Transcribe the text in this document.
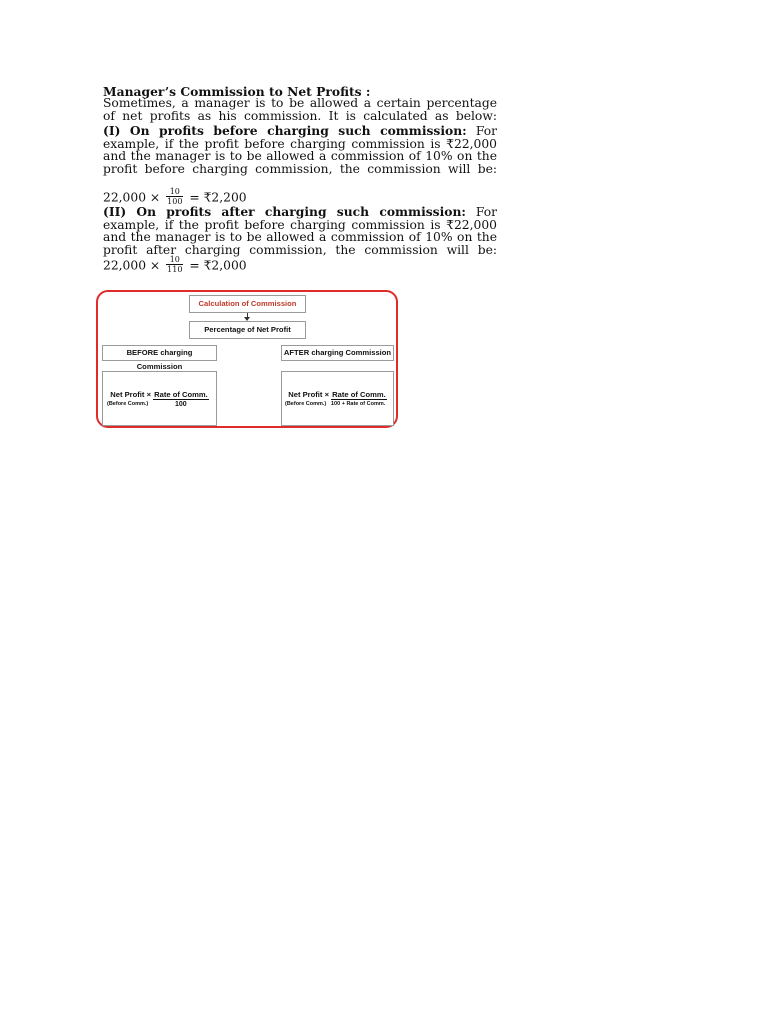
Manager’s Commission to Net Profits :
Sometimes, a manager is to be allowed a certain percentage of net profits as his commission. It is calculated as below:
(I) On profits before charging such commission: For example, if the profit before charging commission is ₹22,000 and the manager is to be allowed a commission of 10% on the profit before charging commission, the commission will be:
$22,000 \times \frac{10}{100}$ = ₹2,200
(II) On profits after charging such commission: For example, if the profit before charging commission is ₹22,000 and the manager is to be allowed a commission of 10% on the profit after charging commission, the commission will be:
$22,000 \times \frac{10}{110}$ = ₹2,000
Calculation of Commission
Percentage of Net Profit
BEFORE charging Commission
AFTER charging Commission
Net Profit × Rate of Comm.
(Before Comm.)	100
Net Profit × Rate of Comm.
(Before Comm.) 100 + Rate of Comm.
